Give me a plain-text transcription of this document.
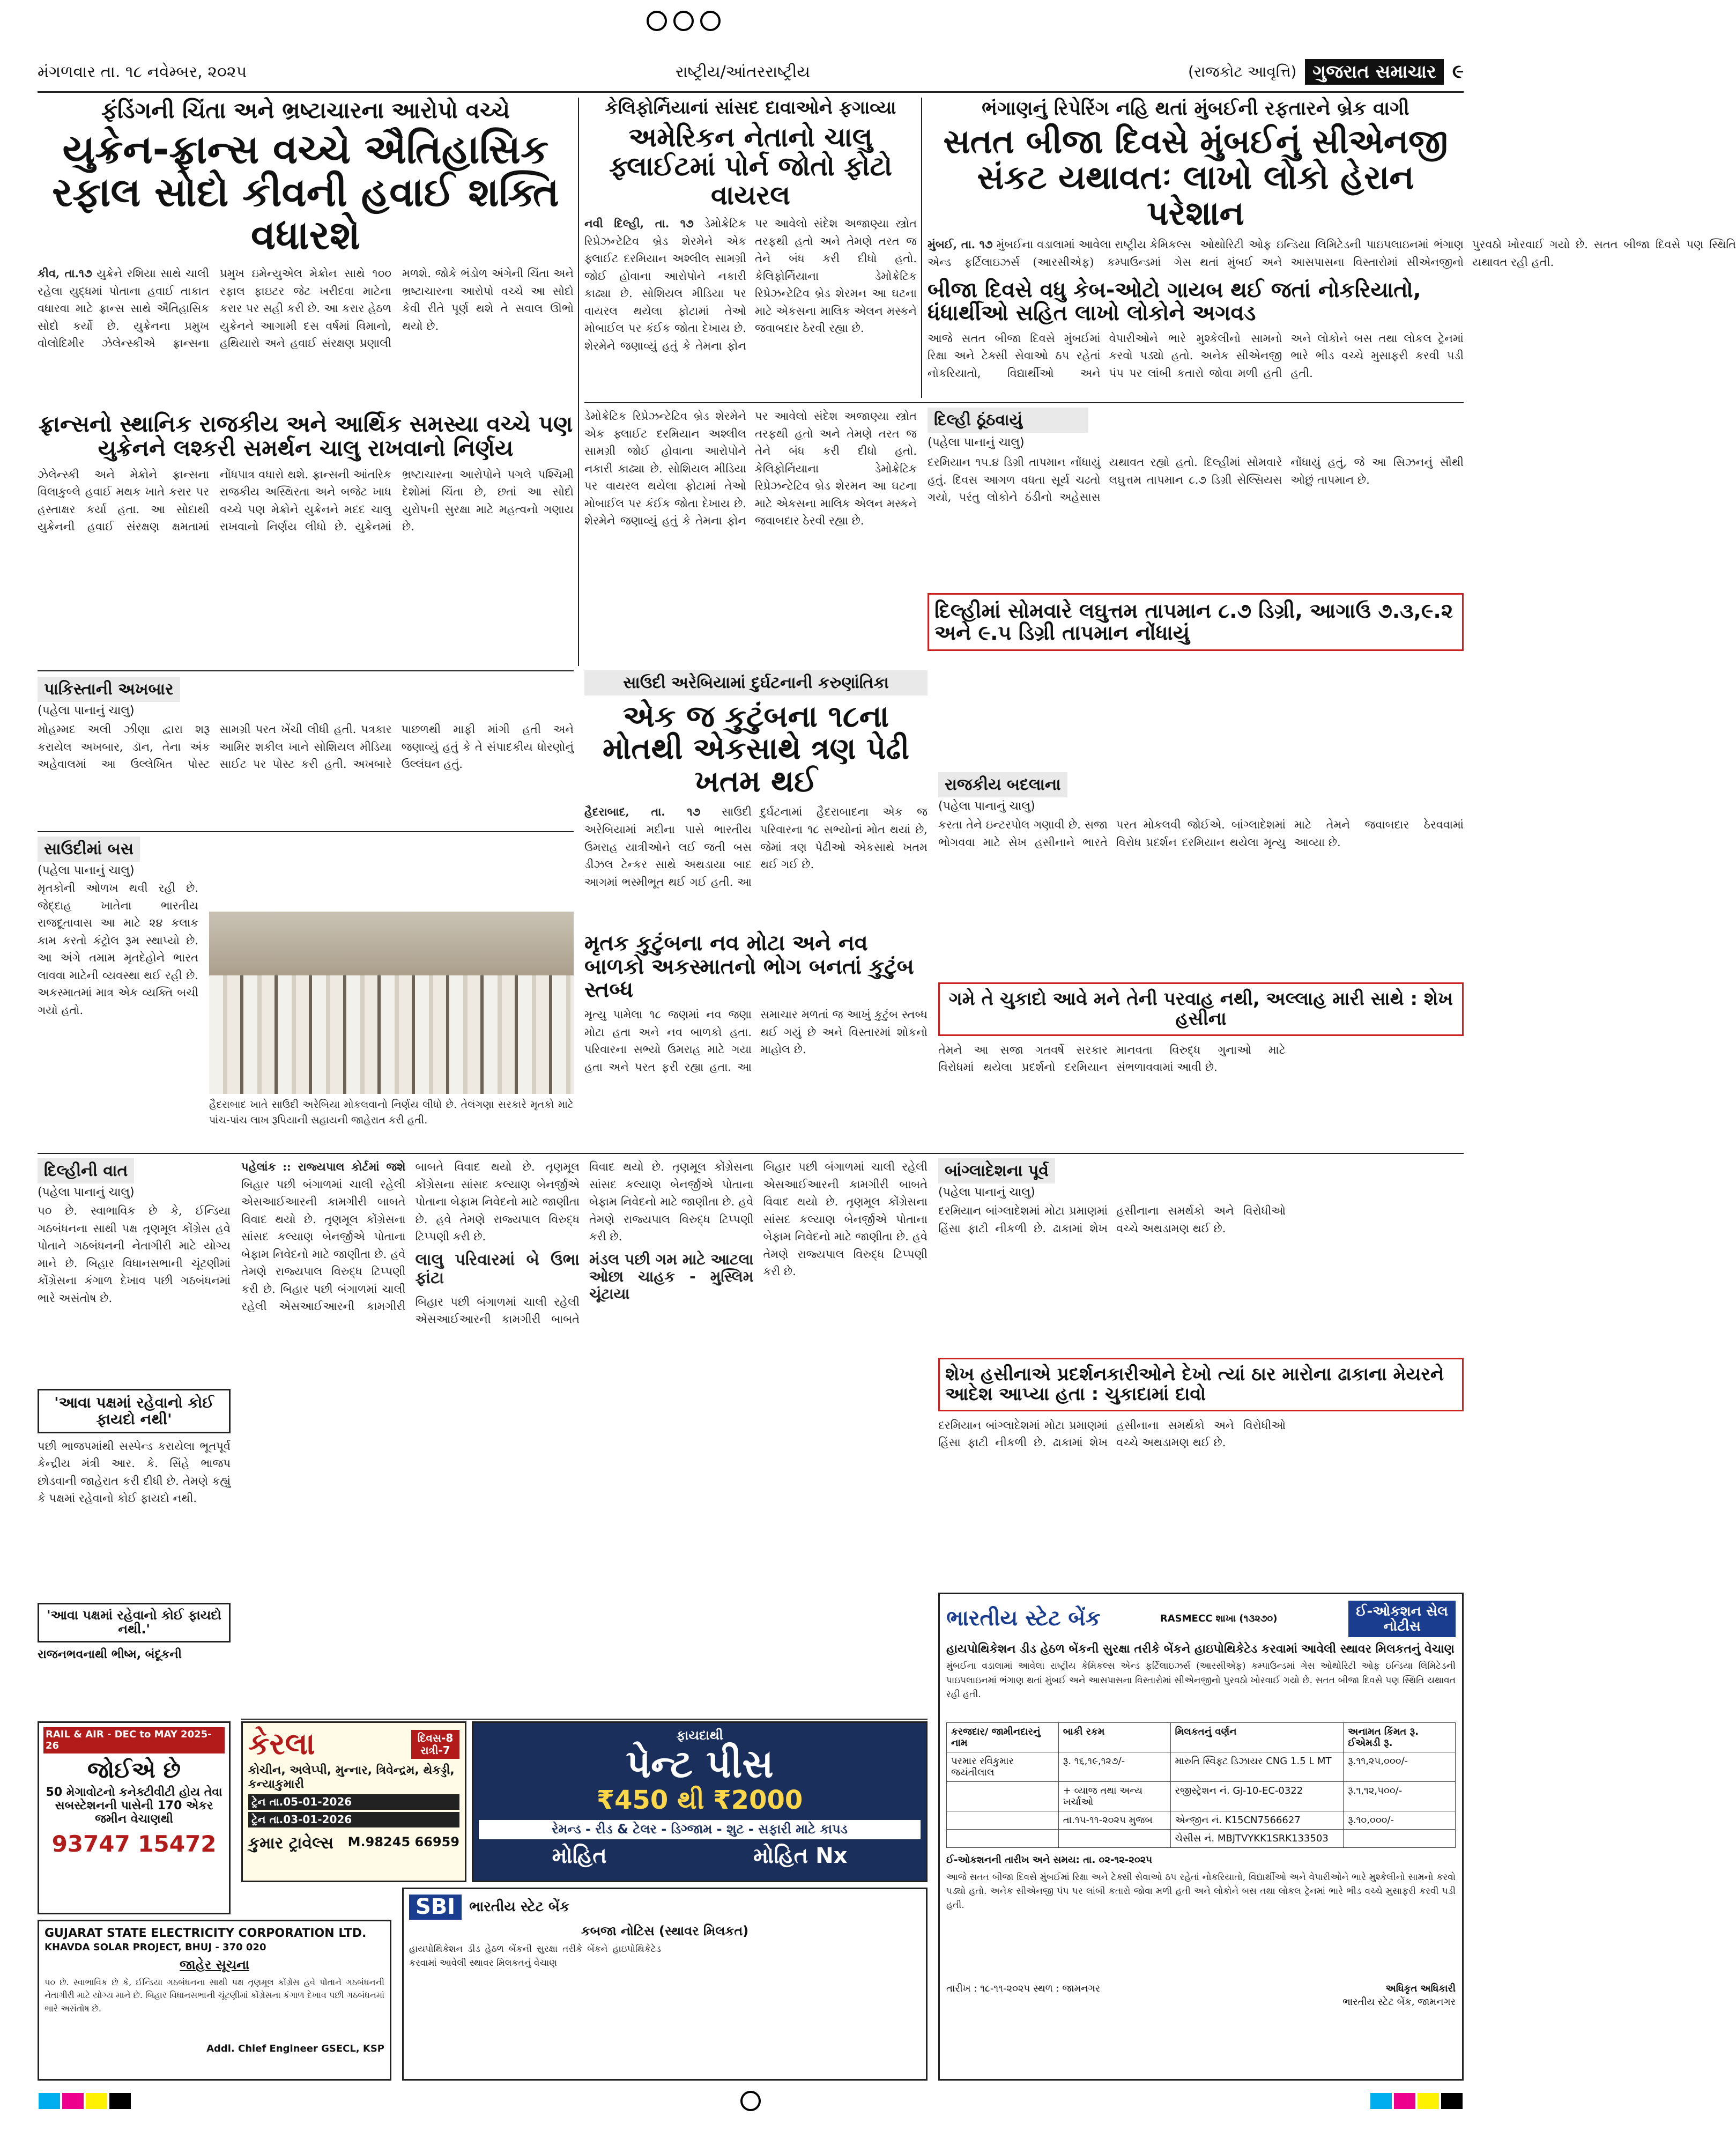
મંગળવાર તા. ૧૮ નવેમ્બર, ૨૦૨૫	રાષ્ટ્રીય/આંતરરાષ્ટ્રીય	(રાજકોટ આવૃત્તિ) ગુજરાત સમાચાર ૯
ફંડિંગની ચિંતા અને ભ્રષ્ટાચારના આરોપો વચ્ચે
યુક્રેન-ફ્રાન્સ વચ્ચે ઐતિહાસિક રફાલ સોદો કીવની હવાઈ શક્તિ વધારશે
કીવ, તા.૧૭ યુક્રેને રશિયા સાથે ચાલી રહેલા યુદ્ધમાં પોતાના હવાઈ તાકાત વધારવા માટે ફ્રાન્સ સાથે ઐતિહાસિક સોદો કર્યો છે. યુક્રેનના પ્રમુખ વોલોદિમીર ઝેલેન્સ્કીએ ફ્રાન્સના પ્રમુખ ઇમેન્યુએલ મેક્રોન સાથે ૧૦૦ રફાલ ફાઇટર જેટ ખરીદવા માટેના કરાર પર સહી કરી છે. આ કરાર હેઠળ યુક્રેનને આગામી દસ વર્ષમાં વિમાનો, હથિયારો અને હવાઈ સંરક્ષણ પ્રણાલી મળશે. જોકે ભંડોળ અંગેની ચિંતા અને ભ્રષ્ટાચારના આરોપો વચ્ચે આ સોદો કેવી રીતે પૂર્ણ થશે તે સવાલ ઊભો થયો છે.
ફ્રાન્સનો સ્થાનિક રાજકીય અને આર્થિક સમસ્યા વચ્ચે પણ યુક્રેનને લશ્કરી સમર્થન ચાલુ રાખવાનો નિર્ણય
ઝેલેન્સ્કી અને મેક્રોને ફ્રાન્સના વિલાકુબ્લે હવાઈ મથક ખાતે કરાર પર હસ્તાક્ષર કર્યા હતા. આ સોદાથી યુક્રેનની હવાઈ સંરક્ષણ ક્ષમતામાં નોંધપાત્ર વધારો થશે. ફ્રાન્સની આંતરિક રાજકીય અસ્થિરતા અને બજેટ ખાધ વચ્ચે પણ મેક્રોને યુક્રેનને મદદ ચાલુ રાખવાનો નિર્ણય લીધો છે. યુક્રેનમાં ભ્રષ્ટાચારના આરોપોને પગલે પશ્ચિમી દેશોમાં ચિંતા છે, છતાં આ સોદો યુરોપની સુરક્ષા માટે મહત્વનો ગણાય છે.
કેલિફોર્નિયાનાં સાંસદ દાવાઓને ફગાવ્યા
અમેરિકન નેતાનો ચાલુ ફ્લાઈટમાં પોર્ન જોતો ફોટો વાયરલ
નવી દિલ્હી, તા. ૧૭ ડેમોક્રેટિક રિપ્રેઝન્ટેટિવ બ્રેડ શેરમેને એક ફ્લાઈટ દરમિયાન અશ્લીલ સામગ્રી જોઈ હોવાના આરોપોને નકારી કાઢ્યા છે. સોશિયલ મીડિયા પર વાયરલ થયેલા ફોટામાં તેઓ મોબાઈલ પર કંઈક જોતા દેખાય છે. શેરમેને જણાવ્યું હતું કે તેમના ફોન પર આવેલો સંદેશ અજાણ્યા સ્ત્રોત તરફથી હતો અને તેમણે તરત જ તેને બંધ કરી દીધો હતો. કેલિફોર્નિયાના ડેમોક્રેટિક રિપ્રેઝન્ટેટિવ બ્રેડ શેરમન આ ઘટના માટે એકસના માલિક એલન મસ્કને જવાબદાર ઠેરવી રહ્યા છે.
ભંગાણનું રિપેરિંગ નહિ થતાં મુંબઈની રફતારને બ્રેક વાગી
સતત બીજા દિવસે મુંબઈનું સીએનજી સંકટ યથાવતઃ લાખો લોકો હેરાન પરેશાન
મુંબઈ, તા. ૧૭ મુંબઈના વડાલામાં આવેલા રાષ્ટ્રીય કેમિકલ્સ એન્ડ ફર્ટિલાઇઝર્સ (આરસીએફ) કમ્પાઉન્ડમાં ગેસ ઓથોરિટી ઓફ ઇન્ડિયા લિમિટેડની પાઇપલાઇનમાં ભંગાણ થતાં મુંબઈ અને આસપાસના વિસ્તારોમાં સીએનજીનો પુરવઠો ખોરવાઈ ગયો છે. સતત બીજા દિવસે પણ સ્થિતિ યથાવત રહી હતી.
બીજા દિવસે વધુ કેબ-ઓટો ગાયબ થઈ જતાં નોકરિયાતો, ધંધાર્થીઓ સહિત લાખો લોકોને અગવડ
આજે સતત બીજા દિવસે મુંબઈમાં રિક્ષા અને ટેક્સી સેવાઓ ઠપ રહેતાં નોકરિયાતો, વિદ્યાર્થીઓ અને વેપારીઓને ભારે મુશ્કેલીનો સામનો કરવો પડ્યો હતો. અનેક સીએનજી પંપ પર લાંબી કતારો જોવા મળી હતી અને લોકોને બસ તથા લોકલ ટ્રેનમાં ભારે ભીડ વચ્ચે મુસાફરી કરવી પડી હતી.
ડેમોક્રેટિક રિપ્રેઝન્ટેટિવ બ્રેડ શેરમેને એક ફ્લાઈટ દરમિયાન અશ્લીલ સામગ્રી જોઈ હોવાના આરોપોને નકારી કાઢ્યા છે. સોશિયલ મીડિયા પર વાયરલ થયેલા ફોટામાં તેઓ મોબાઈલ પર કંઈક જોતા દેખાય છે. શેરમેને જણાવ્યું હતું કે તેમના ફોન પર આવેલો સંદેશ અજાણ્યા સ્ત્રોત તરફથી હતો અને તેમણે તરત જ તેને બંધ કરી દીધો હતો. કેલિફોર્નિયાના ડેમોક્રેટિક રિપ્રેઝન્ટેટિવ બ્રેડ શેરમન આ ઘટના માટે એકસના માલિક એલન મસ્કને જવાબદાર ઠેરવી રહ્યા છે.
દિલ્હી ઠૂંઠવાયું
(પહેલા પાનાનું ચાલુ)
દરમિયાન ૧૫.૪ ડિગ્રી તાપમાન નોંધાયું હતું. દિવસ આગળ વધતા સૂર્ય ચઢતો ગયો, પરંતુ લોકોને ઠંડીનો અહેસાસ યથાવત રહ્યો હતો. દિલ્હીમાં સોમવારે લઘુત્તમ તાપમાન ૮.૭ ડિગ્રી સેલ્સિયસ નોંધાયું હતું, જે આ સિઝનનું સૌથી ઓછું તાપમાન છે.
દિલ્હીમાં સોમવારે લઘુત્તમ તાપમાન ૮.૭ ડિગ્રી, આગાઉ ૭.૩,૯.૨ અને ૯.૫ ડિગ્રી તાપમાન નોંધાયું
પાકિસ્તાની અખબાર
(પહેલા પાનાનું ચાલુ)
મોહમ્મદ અલી ઝીણા દ્વારા શરૂ કરાયેલ અખબાર, ડૉન, તેના અંક અહેવાલમાં આ ઉલ્લેખિત પોસ્ટ સામગ્રી પરત ખેંચી લીધી હતી. પત્રકાર આમિર શકીલ ખાને સોશિયલ મીડિયા સાઈટ પર પોસ્ટ કરી હતી. અખબારે પાછળથી માફી માંગી હતી અને જણાવ્યું હતું કે તે સંપાદકીય ધોરણોનું ઉલ્લંઘન હતું.
સાઉદીમાં બસ
(પહેલા પાનાનું ચાલુ)
મૃતકોની ઓળખ થવી રહી છે. જેદ્દાહ ખાતેના ભારતીય રાજદૂતાવાસ આ માટે ૨૪ કલાક કામ કરતો કંટ્રોલ રૂમ સ્થાપ્યો છે. આ અંગે તમામ મૃતદેહોને ભારત લાવવા માટેની વ્યવસ્થા થઈ રહી છે. અકસ્માતમાં માત્ર એક વ્યક્તિ બચી ગયો હતો.
હૈદરાબાદ ખાતે સાઉદી અરેબિયા મોકલવાનો નિર્ણય લીધો છે. તેલંગણા સરકારે મૃતકો માટે પાંચ-પાંચ લાખ રૂપિયાની સહાયની જાહેરાત કરી હતી.
સાઉદી અરેબિયામાં દુર્ઘટનાની કરુણાંતિકા
એક જ કુટુંબના ૧૮ના મોતથી એકસાથે ત્રણ પેઢી ખતમ થઈ
હૈદરાબાદ, તા. ૧૭ સાઉદી અરેબિયામાં મદીના પાસે ભારતીય ઉમરાહ યાત્રીઓને લઈ જતી બસ ડીઝલ ટેન્કર સાથે અથડાયા બાદ આગમાં ભસ્મીભૂત થઈ ગઈ હતી. આ દુર્ઘટનામાં હૈદરાબાદના એક જ પરિવારના ૧૮ સભ્યોનાં મોત થયાં છે, જેમાં ત્રણ પેઢીઓ એકસાથે ખતમ થઈ ગઈ છે.
મૃતક કુટુંબના નવ મોટા અને નવ બાળકો અકસ્માતનો ભોગ બનતાં કુટુંબ સ્તબ્ધ
મૃત્યુ પામેલા ૧૮ જણમાં નવ જણા મોટા હતા અને નવ બાળકો હતા. પરિવારના સભ્યો ઉમરાહ માટે ગયા હતા અને પરત ફરી રહ્યા હતા. આ સમાચાર મળતાં જ આખું કુટુંબ સ્તબ્ધ થઈ ગયું છે અને વિસ્તારમાં શોકનો માહોલ છે.
રાજકીય બદલાના
(પહેલા પાનાનું ચાલુ)
કરતા તેને ઇન્ટરપોલ ગણાવી છે. સજા ભોગવવા માટે સેખ હસીનાને ભારતે પરત મોકલવી જોઈએ. બાંગ્લાદેશમાં વિરોધ પ્રદર્શન દરમિયાન થયેલા મૃત્યુ માટે તેમને જવાબદાર ઠેરવવામાં આવ્યા છે.
ગમે તે ચુકાદો આવે મને તેની પરવાહ નથી, અલ્લાહ મારી સાથે : શેખ હસીના
તેમને આ સજા ગતવર્ષે સરકાર વિરોધમાં થયેલા પ્રદર્શનો દરમિયાન માનવતા વિરુદ્ધ ગુનાઓ માટે સંભળાવવામાં આવી છે.
દિલ્હીની વાત
(પહેલા પાનાનું ચાલુ)
૫૦ છે. સ્વાભાવિક છે કે, ઈન્ડિયા ગઠબંધનના સાથી પક્ષ તૃણમૂલ કોંગ્રેસ હવે પોતાને ગઠબંધનની નેતાગીરી માટે યોગ્ય માને છે. બિહાર વિધાનસભાની ચૂંટણીમાં કોંગ્રેસના કંગાળ દેખાવ પછી ગઠબંધનમાં ભારે અસંતોષ છે.
'આવા પક્ષમાં રહેવાનો કોઈ ફાયદો નથી'
પછી ભાજપમાંથી સસ્પેન્ડ કરાયેલા ભૂતપૂર્વ કેન્દ્રીય મંત્રી આર. કે. સિંહે ભાજપ છોડવાની જાહેરાત કરી દીધી છે. તેમણે કહ્યું કે પક્ષમાં રહેવાનો કોઈ ફાયદો નથી.
'આવા પક્ષમાં રહેવાનો કોઈ ફાયદો નથી.'
રાજનભવનાથી ભીષ્મ, બંદૂકની
પહેલાંક :: રાજ્યપાલ કોર્ટમાં જશે બિહાર પછી બંગાળમાં ચાલી રહેલી એસઆઈઆરની કામગીરી બાબતે વિવાદ થયો છે. તૃણમૂલ કોંગ્રેસના સાંસદ કલ્યાણ બેનર્જીએ પોતાના બેફામ નિવેદનો માટે જાણીતા છે. હવે તેમણે રાજ્યપાલ વિરુદ્ધ ટિપ્પણી કરી છે. બિહાર પછી બંગાળમાં ચાલી રહેલી એસઆઈઆરની કામગીરી બાબતે વિવાદ થયો છે. તૃણમૂલ કોંગ્રેસના સાંસદ કલ્યાણ બેનર્જીએ પોતાના બેફામ નિવેદનો માટે જાણીતા છે. હવે તેમણે રાજ્યપાલ વિરુદ્ધ ટિપ્પણી કરી છે.
લાલુ પરિવારમાં બે ઉભા ફાંટા
બિહાર પછી બંગાળમાં ચાલી રહેલી એસઆઈઆરની કામગીરી બાબતે વિવાદ થયો છે. તૃણમૂલ કોંગ્રેસના સાંસદ કલ્યાણ બેનર્જીએ પોતાના બેફામ નિવેદનો માટે જાણીતા છે. હવે તેમણે રાજ્યપાલ વિરુદ્ધ ટિપ્પણી કરી છે.
મંડલ પછી ગમ માટે આટલા ઓછા ચાહક - મુસ્લિમ ચૂંટાયા
બિહાર પછી બંગાળમાં ચાલી રહેલી એસઆઈઆરની કામગીરી બાબતે વિવાદ થયો છે. તૃણમૂલ કોંગ્રેસના સાંસદ કલ્યાણ બેનર્જીએ પોતાના બેફામ નિવેદનો માટે જાણીતા છે. હવે તેમણે રાજ્યપાલ વિરુદ્ધ ટિપ્પણી કરી છે.
બાંગ્લાદેશના પૂર્વ
(પહેલા પાનાનું ચાલુ)
દરમિયાન બાંગ્લાદેશમાં મોટા પ્રમાણમાં હિંસા ફાટી નીકળી છે. ઢાકામાં શેખ હસીનાના સમર્થકો અને વિરોધીઓ વચ્ચે અથડામણ થઈ છે.
શેખ હસીનાએ પ્રદર્શનકારીઓને દેખો ત્યાં ઠાર મારોના ઢાકાના મેયરને આદેશ આપ્યા હતા : ચુકાદામાં દાવો
દરમિયાન બાંગ્લાદેશમાં મોટા પ્રમાણમાં હિંસા ફાટી નીકળી છે. ઢાકામાં શેખ હસીનાના સમર્થકો અને વિરોધીઓ વચ્ચે અથડામણ થઈ છે.
કેરલા	દિવસ-8 રાત્રી-7
કોચીન, અલેપ્પી, મુન્નાર, ત્રિવેન્દ્રમ, થેકડ્ડી, કન્યાકુમારી
ટ્રેન તા.05-01-2026
ટ્રેન તા.03-01-2026
કુમાર ટ્રાવેલ્સ M.98245 66959
ફાયદાથી
પેન્ટ પીસ
₹450 થી ₹2000
રેમન્ડ - રીડ & ટેલર - ડિગ્જામ - શુટ - સફારી માટે કાપડ
મોહિત	મોહિત Nx
RAIL & AIR - DEC to MAY 2025-26
જોઈએ છે
50 મેગાવોટનો કનેક્ટીવીટી હોય તેવા સબસ્ટેશનની પાસેની 170 એકર જમીન વેચાણથી
93747 15472
GUJARAT STATE ELECTRICITY CORPORATION LTD.
KHAVDA SOLAR PROJECT, BHUJ - 370 020
જાહેર સૂચના
૫૦ છે. સ્વાભાવિક છે કે, ઈન્ડિયા ગઠબંધનના સાથી પક્ષ તૃણમૂલ કોંગ્રેસ હવે પોતાને ગઠબંધનની નેતાગીરી માટે યોગ્ય માને છે. બિહાર વિધાનસભાની ચૂંટણીમાં કોંગ્રેસના કંગાળ દેખાવ પછી ગઠબંધનમાં ભારે અસંતોષ છે.
Addl. Chief Engineer GSECL, KSP
SBI	ભારતીય સ્ટેટ બેંક
કબજા નોટિસ (સ્થાવર મિલકત)
હાયપોથિકેશન ડીડ હેઠળ બેંકની સુરક્ષા તરીકે બેંકને હાઇપોથિકેટેડ કરવામાં આવેલી સ્થાવર મિલકતનું વેચાણ
ભારતીય સ્ટેટ બેંક	RASMECC શાખા (૧૩૨૭૦)	ઈ-ઓકશન સેલ નોટીસ
હાયપોથિકેશન ડીડ હેઠળ બેંકની સુરક્ષા તરીકે બેંકને હાઇપોથિકેટેડ કરવામાં આવેલી સ્થાવર મિલકતનું વેચાણ
મુંબઈના વડાલામાં આવેલા રાષ્ટ્રીય કેમિકલ્સ એન્ડ ફર્ટિલાઇઝર્સ (આરસીએફ) કમ્પાઉન્ડમાં ગેસ ઓથોરિટી ઓફ ઇન્ડિયા લિમિટેડની પાઇપલાઇનમાં ભંગાણ થતાં મુંબઈ અને આસપાસના વિસ્તારોમાં સીએનજીનો પુરવઠો ખોરવાઈ ગયો છે. સતત બીજા દિવસે પણ સ્થિતિ યથાવત રહી હતી.
કરજદાર/ જામીનદારનું નામ	બાકી રકમ	મિલકતનું વર્ણન	અનામત કિંમત રૂ. ઈએમડી રૂ.
પરમાર રવિકુમાર જયંતીલાલ	રૂ. ૧૬,૧૯,૧૨૭/-	મારુતિ સ્વિફ્ટ ડિઝાયર CNG 1.5 L MT	રૂ.૧૧,૨૫,૦૦૦/-
	+ વ્યાજ તથા અન્ય ખર્ચાઓ	રજીસ્ટ્રેશન નં. GJ-10-EC-0322	રૂ.૧,૧૨,૫૦૦/-
	તા.૧૫-૧૧-૨૦૨૫ મુજબ	એન્જીન નં. K15CN7566627	રૂ.૧૦,૦૦૦/-
		ચેસીસ નં. MBJTVYKK1SRK133503	
ઈ-ઓકશનની તારીખ અને સમય: તા. ૦૨-૧૨-૨૦૨૫
આજે સતત બીજા દિવસે મુંબઈમાં રિક્ષા અને ટેક્સી સેવાઓ ઠપ રહેતાં નોકરિયાતો, વિદ્યાર્થીઓ અને વેપારીઓને ભારે મુશ્કેલીનો સામનો કરવો પડ્યો હતો. અનેક સીએનજી પંપ પર લાંબી કતારો જોવા મળી હતી અને લોકોને બસ તથા લોકલ ટ્રેનમાં ભારે ભીડ વચ્ચે મુસાફરી કરવી પડી હતી.
તારીખ : ૧૮-૧૧-૨૦૨૫ સ્થળ : જામનગર	અધિકૃત અધિકારી
ભારતીય સ્ટેટ બેંક, જામનગર
